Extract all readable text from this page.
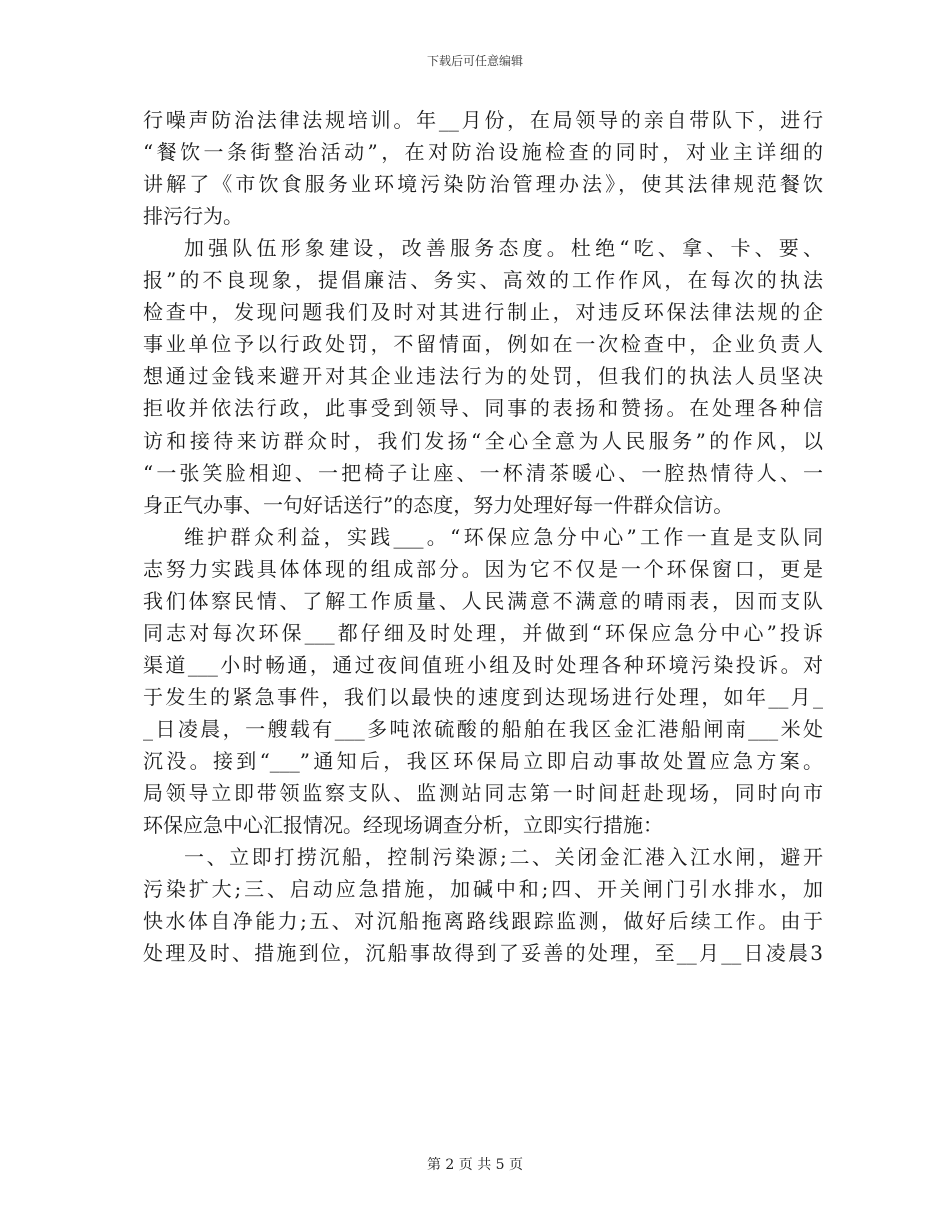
下载后可任意编辑
行噪声防治法律法规培训。年__月份，在局领导的亲自带队下，进行
“餐饮一条街整治活动”，在对防治设施检查的同时，对业主详细的
讲解了《市饮食服务业环境污染防治管理办法》，使其法律规范餐饮
排污行为。
加强队伍形象建设，改善服务态度。杜绝“吃、拿、卡、要、
报”的不良现象，提倡廉洁、务实、高效的工作作风，在每次的执法
检查中，发现问题我们及时对其进行制止，对违反环保法律法规的企
事业单位予以行政处罚，不留情面，例如在一次检查中，企业负责人
想通过金钱来避开对其企业违法行为的处罚，但我们的执法人员坚决
拒收并依法行政，此事受到领导、同事的表扬和赞扬。在处理各种信
访和接待来访群众时，我们发扬“全心全意为人民服务”的作风，以
“一张笑脸相迎、一把椅子让座、一杯清茶暖心、一腔热情待人、一
身正气办事、一句好话送行”的态度，努力处理好每一件群众信访。
维护群众利益，实践___。“环保应急分中心”工作一直是支队同
志努力实践具体体现的组成部分。因为它不仅是一个环保窗口，更是
我们体察民情、了解工作质量、人民满意不满意的晴雨表，因而支队
同志对每次环保___都仔细及时处理，并做到“环保应急分中心”投诉
渠道___小时畅通，通过夜间值班小组及时处理各种环境污染投诉。对
于发生的紧急事件，我们以最快的速度到达现场进行处理，如年__月_
_日凌晨，一艘载有___多吨浓硫酸的船舶在我区金汇港船闸南___米处
沉没。接到“___”通知后，我区环保局立即启动事故处置应急方案。
局领导立即带领监察支队、监测站同志第一时间赶赴现场，同时向市
环保应急中心汇报情况。经现场调查分析，立即实行措施：
一、立即打捞沉船，控制污染源;二、关闭金汇港入江水闸，避开
污染扩大;三、启动应急措施，加碱中和;四、开关闸门引水排水，加
快水体自净能力;五、对沉船拖离路线跟踪监测，做好后续工作。由于
处理及时、措施到位，沉船事故得到了妥善的处理，至__月__日凌晨3
第 2 页 共 5 页
